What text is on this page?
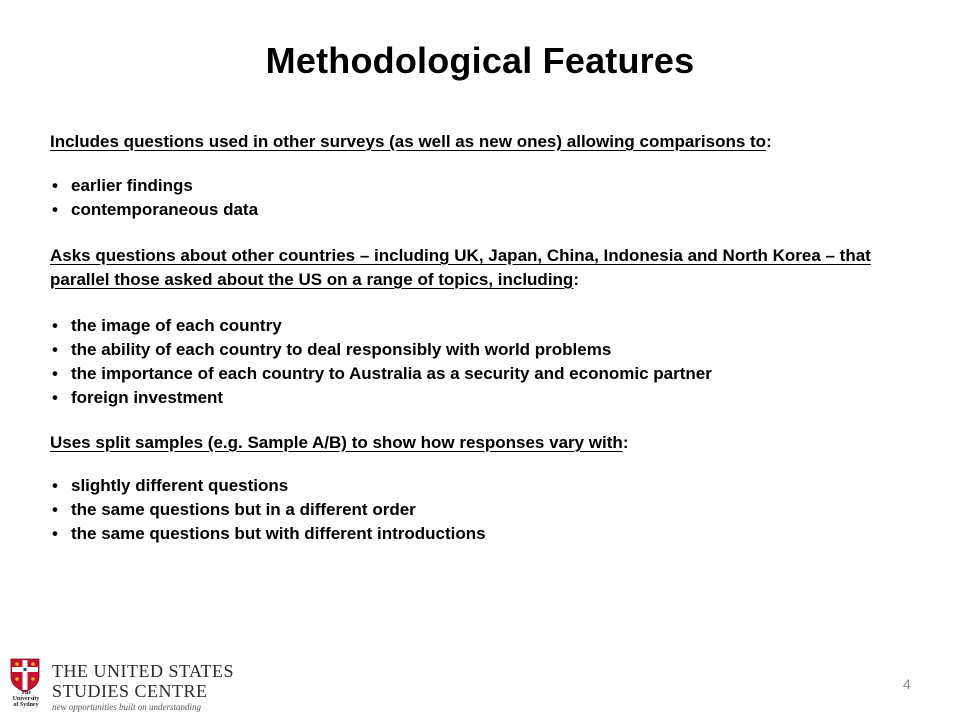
Methodological Features

Includes questions used in other surveys (as well as new ones) allowing comparisons to:

• earlier findings
• contemporaneous data

Asks questions about other countries – including UK, Japan, China, Indonesia and North Korea – that parallel those asked about the US on a range of topics, including:

• the image of each country
• the ability of each country to deal responsibly with world problems
• the importance of each country to Australia as a security and economic partner
• foreign investment

Uses split samples (e.g. Sample A/B) to show how responses vary with:

• slightly different questions
• the same questions but in a different order
• the same questions but with different introductions
The
University
of Sydney
THE UNITED STATES
STUDIES CENTRE
new opportunities built on understanding
4
